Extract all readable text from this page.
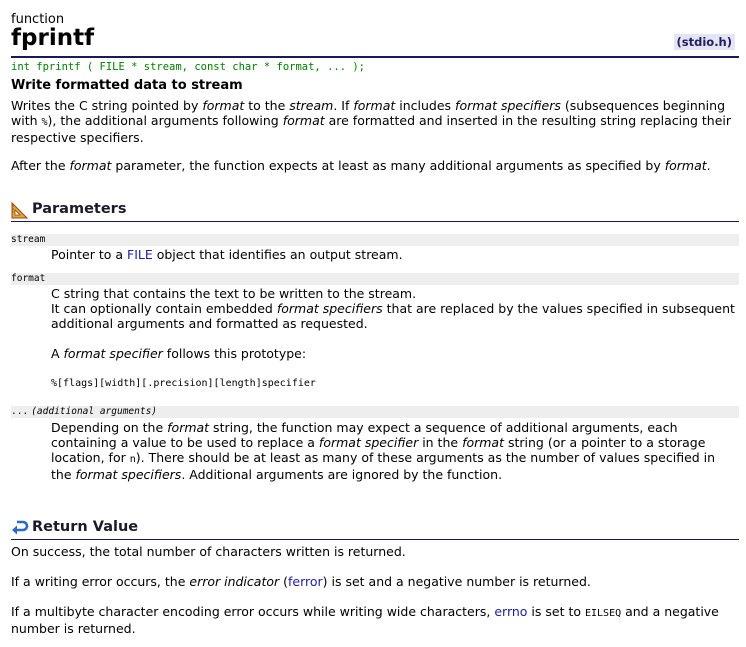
function
fprintf	(stdio.h)
int fprintf ( FILE * stream, const char * format, ... );
Write formatted data to stream
Writes the C string pointed by format to the stream. If format includes format specifiers (subsequences beginning with %), the additional arguments following format are formatted and inserted in the resulting string replacing their respective specifiers.
After the format parameter, the function expects at least as many additional arguments as specified by format.
Parameters
stream
Pointer to a FILE object that identifies an output stream.
format
C string that contains the text to be written to the stream.
It can optionally contain embedded format specifiers that are replaced by the values specified in subsequent additional arguments and formatted as requested.
A format specifier follows this prototype:
%[flags][width][.precision][length]specifier
... (additional arguments)
Depending on the format string, the function may expect a sequence of additional arguments, each containing a value to be used to replace a format specifier in the format string (or a pointer to a storage location, for n). There should be at least as many of these arguments as the number of values specified in the format specifiers. Additional arguments are ignored by the function.
Return Value
On success, the total number of characters written is returned.
If a writing error occurs, the error indicator (ferror) is set and a negative number is returned.
If a multibyte character encoding error occurs while writing wide characters, errno is set to EILSEQ and a negative number is returned.
